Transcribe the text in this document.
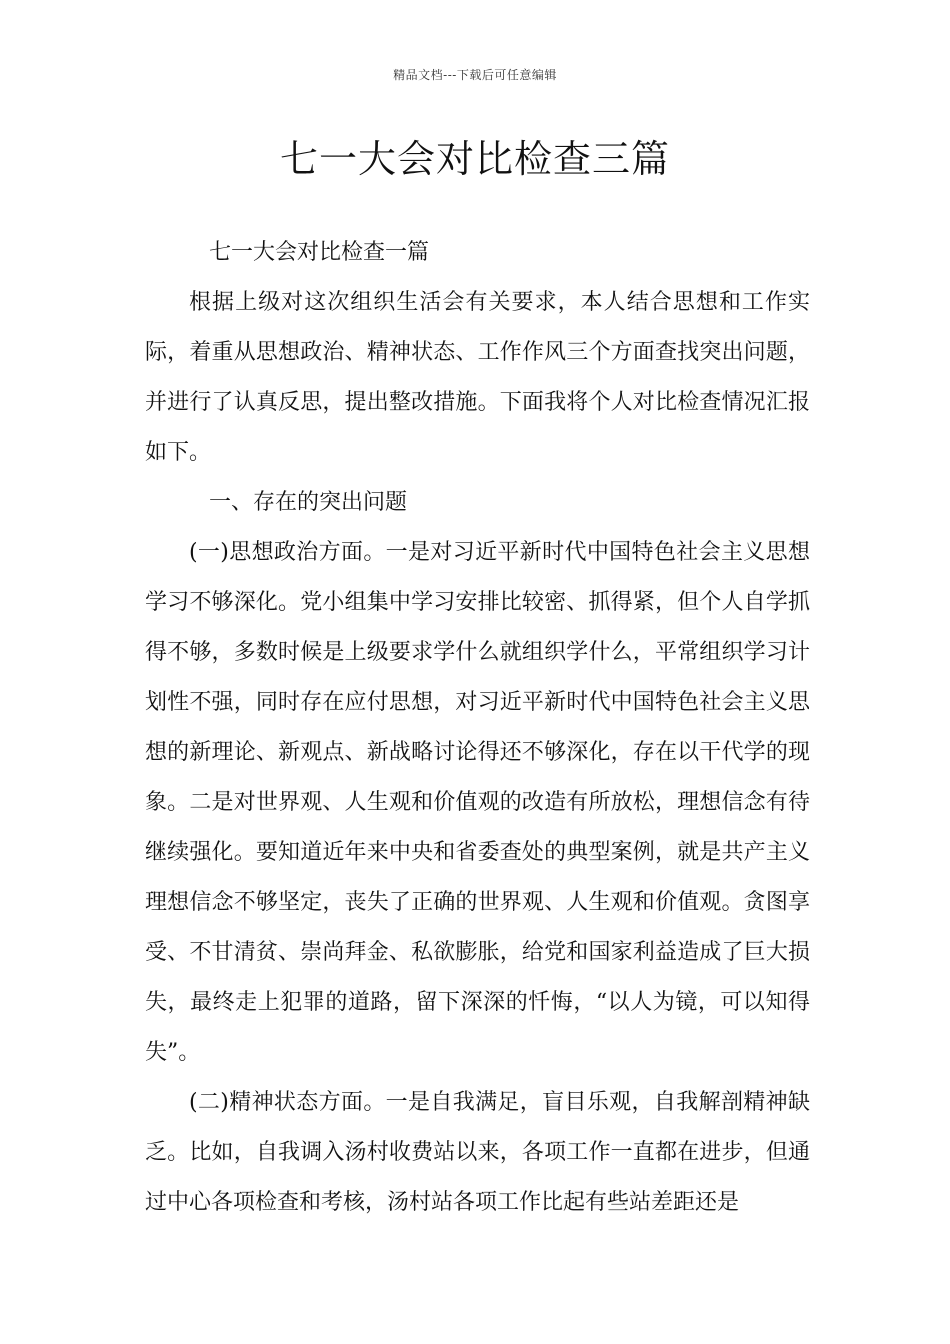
精品文档---下载后可任意编辑
七一大会对比检查三篇

七一大会对比检查一篇

根据上级对这次组织生活会有关要求，本人结合思想和工作实际，着重从思想政治、精神状态、工作作风三个方面查找突出问题，并进行了认真反思，提出整改措施。下面我将个人对比检查情况汇报如下。

一、存在的突出问题

(一)思想政治方面。一是对习近平新时代中国特色社会主义思想学习不够深化。党小组集中学习安排比较密、抓得紧，但个人自学抓得不够，多数时候是上级要求学什么就组织学什么，平常组织学习计划性不强，同时存在应付思想，对习近平新时代中国特色社会主义思想的新理论、新观点、新战略讨论得还不够深化，存在以干代学的现象。二是对世界观、人生观和价值观的改造有所放松，理想信念有待继续强化。要知道近年来中央和省委查处的典型案例，就是共产主义理想信念不够坚定，丧失了正确的世界观、人生观和价值观。贪图享受、不甘清贫、崇尚拜金、私欲膨胀，给党和国家利益造成了巨大损失，最终走上犯罪的道路，留下深深的忏悔，“以人为镜，可以知得失”。

(二)精神状态方面。一是自我满足，盲目乐观，自我解剖精神缺乏。比如，自我调入汤村收费站以来，各项工作一直都在进步，但通过中心各项检查和考核，汤村站各项工作比起有些站差距还是
